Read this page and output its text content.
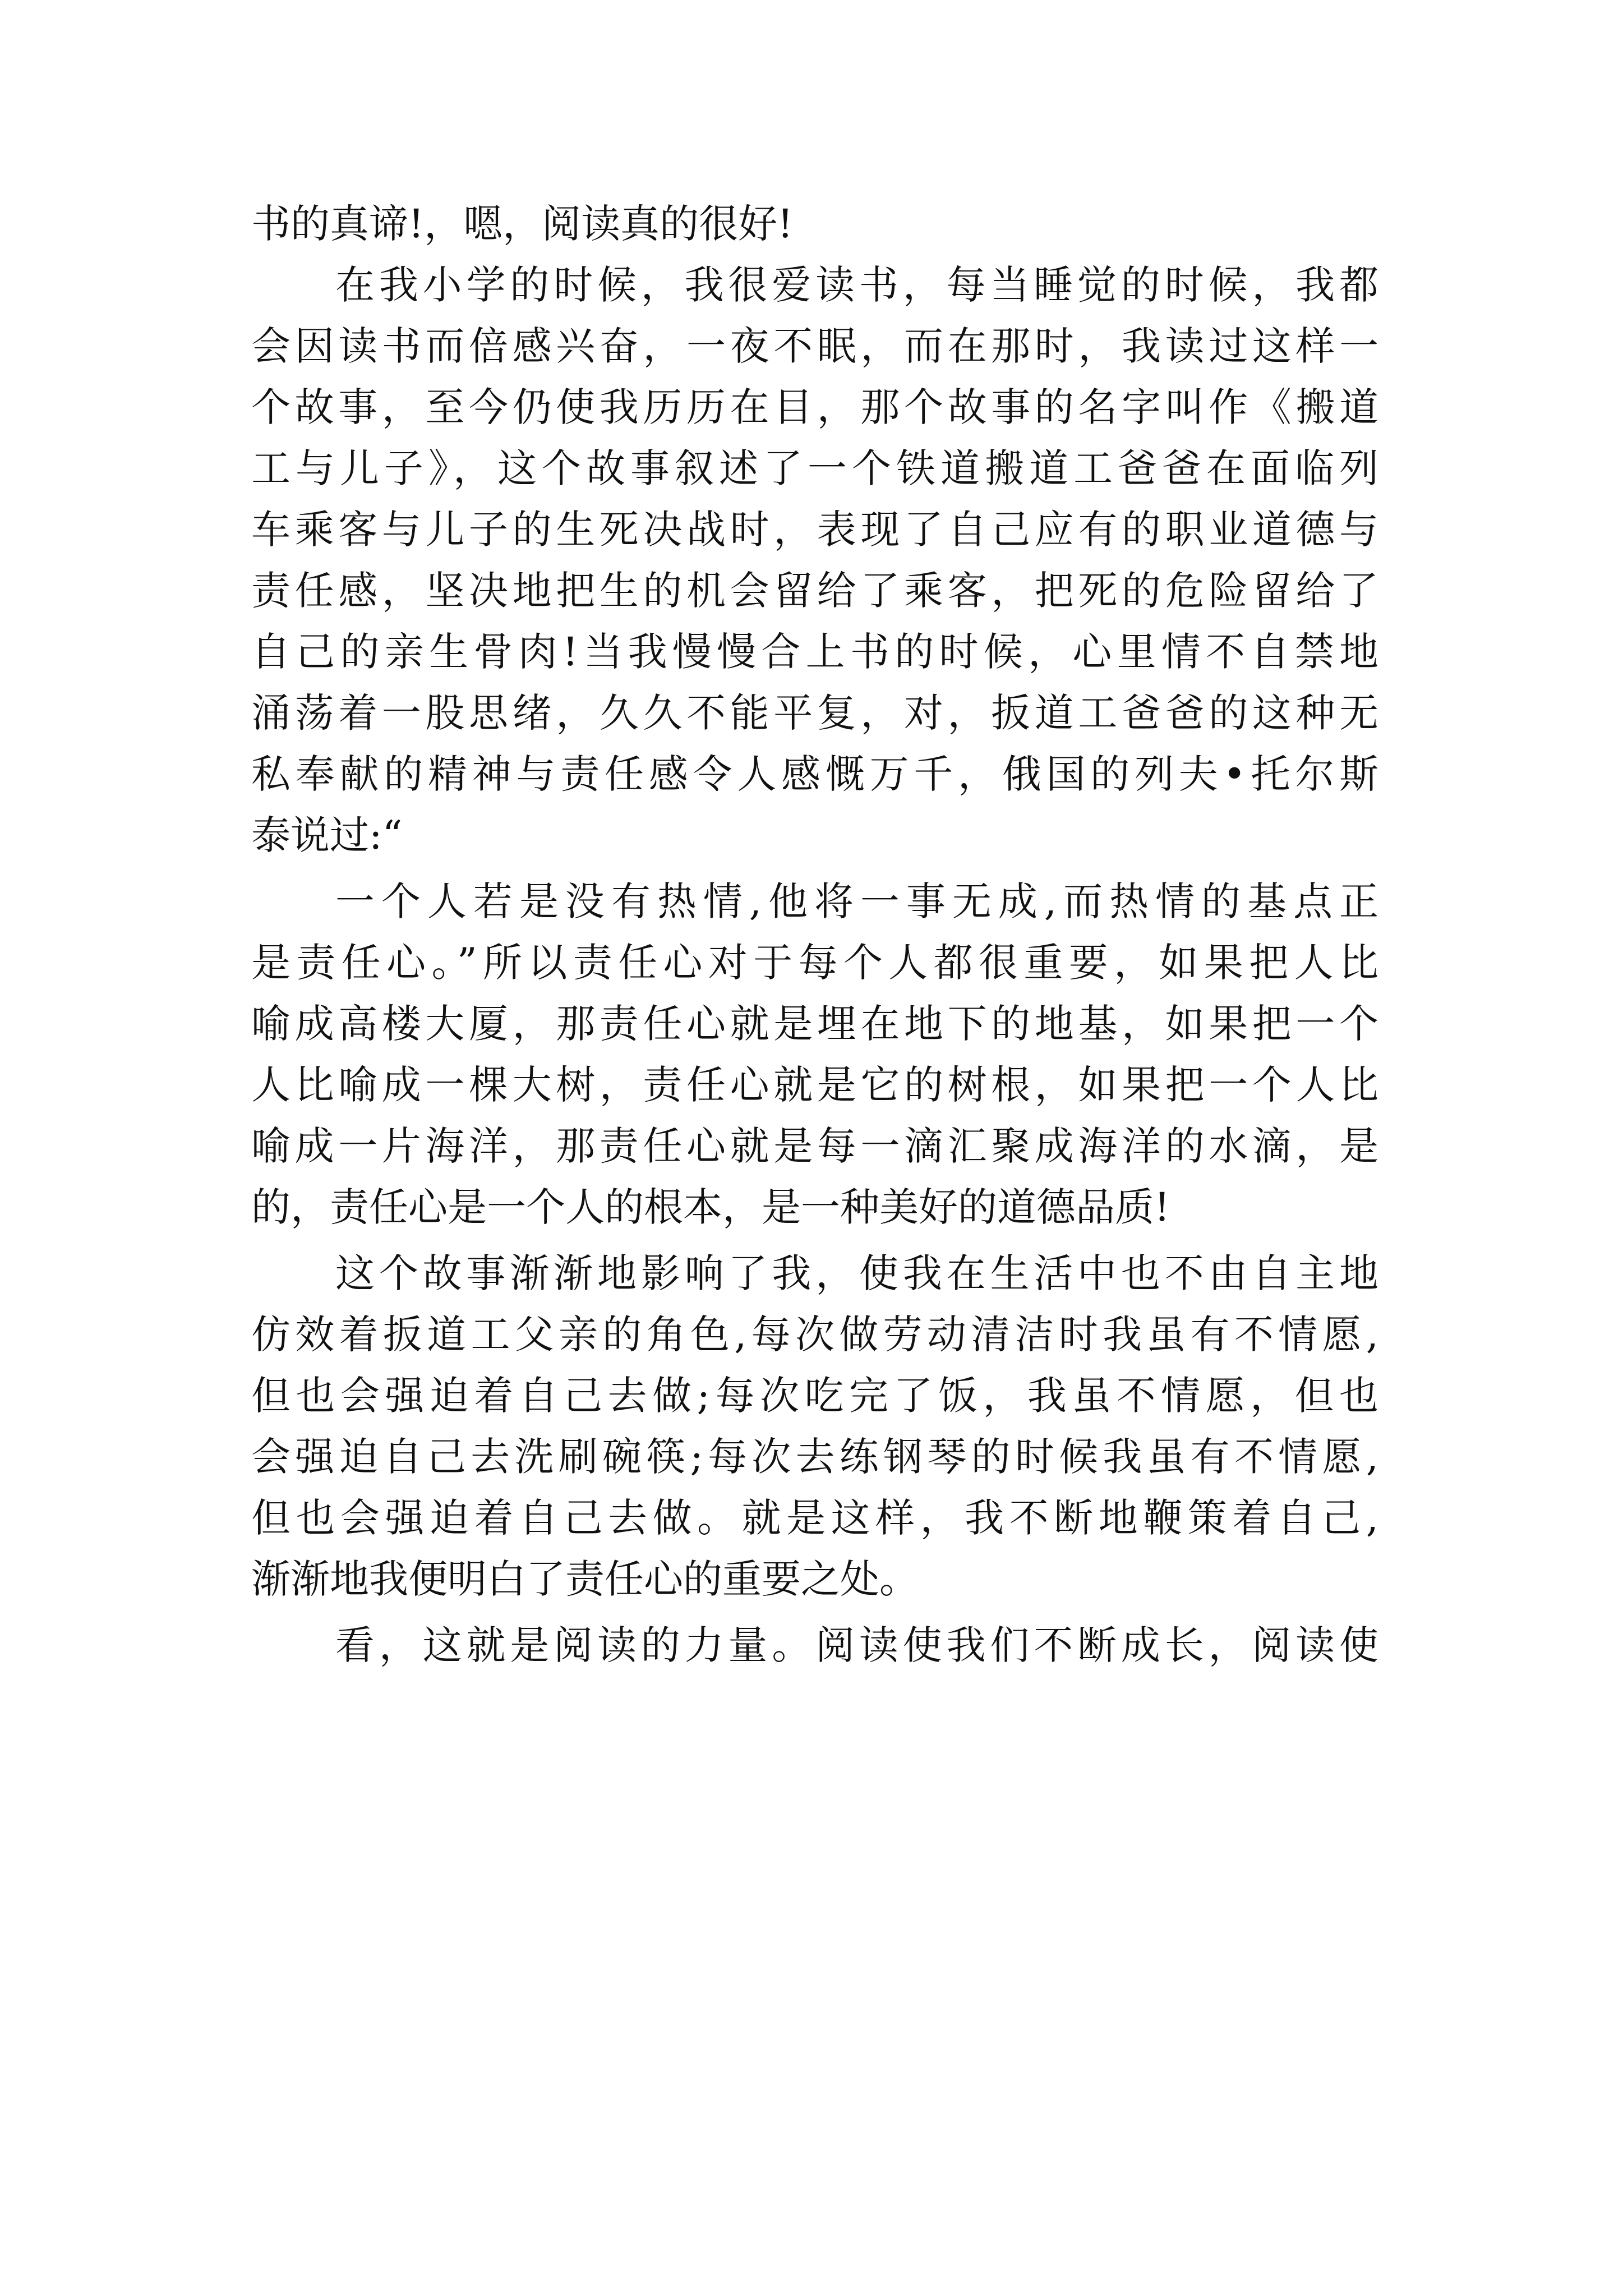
书的真谛!，嗯，阅读真的很好!
在我小学的时候，我很爱读书，每当睡觉的时候，我都
会因读书而倍感兴奋，一夜不眠，而在那时，我读过这样一
个故事，至今仍使我历历在目，那个故事的名字叫作《搬道
工与儿子》，这个故事叙述了一个铁道搬道工爸爸在面临列
车乘客与儿子的生死决战时，表现了自己应有的职业道德与
责任感，坚决地把生的机会留给了乘客，把死的危险留给了
自己的亲生骨肉!当我慢慢合上书的时候，心里情不自禁地
涌荡着一股思绪，久久不能平复，对，扳道工爸爸的这种无
私奉献的精神与责任感令人感慨万千，俄国的列夫•托尔斯
泰说过:“
一个人若是没有热情,他将一事无成,而热情的基点正
是责任心。”所以责任心对于每个人都很重要，如果把人比
喻成高楼大厦，那责任心就是埋在地下的地基，如果把一个
人比喻成一棵大树，责任心就是它的树根，如果把一个人比
喻成一片海洋，那责任心就是每一滴汇聚成海洋的水滴，是
的，责任心是一个人的根本，是一种美好的道德品质!
这个故事渐渐地影响了我，使我在生活中也不由自主地
仿效着扳道工父亲的角色,每次做劳动清洁时我虽有不情愿,
但也会强迫着自己去做;每次吃完了饭，我虽不情愿，但也
会强迫自己去洗刷碗筷;每次去练钢琴的时候我虽有不情愿,
但也会强迫着自己去做。就是这样，我不断地鞭策着自己,
渐渐地我便明白了责任心的重要之处。
看，这就是阅读的力量。阅读使我们不断成长，阅读使
